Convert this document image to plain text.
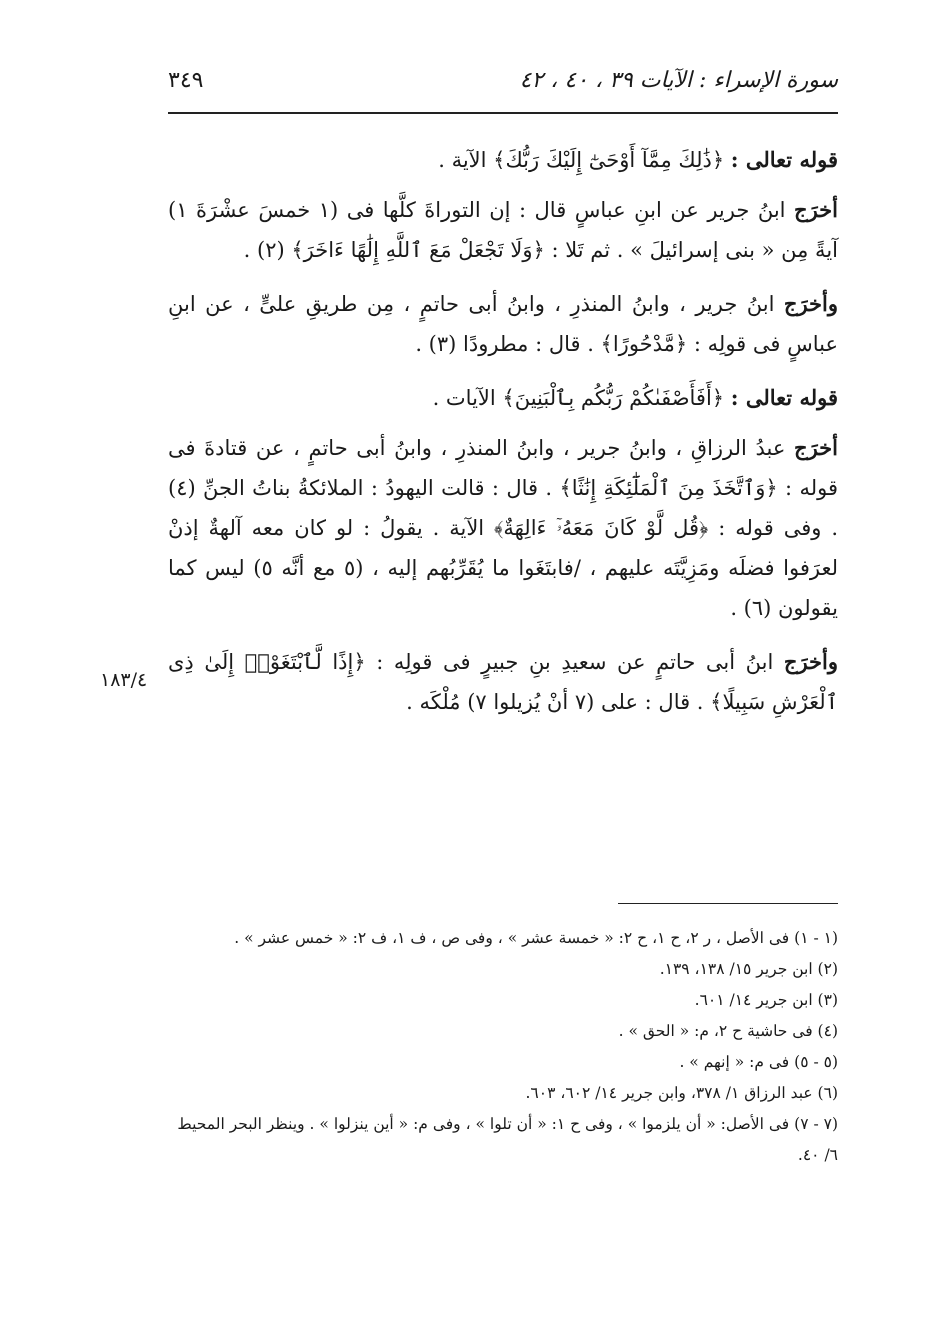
٣٤٩	سورة الإسراء : الآيات ٣٩ ، ٤٠ ، ٤٢

قوله تعالى : ﴿ذَٰلِكَ مِمَّآ أَوْحَىٰٓ إِلَيْكَ رَبُّكَ﴾ الآية .

أخرَج ابنُ جرير عن ابنِ عباسٍ قال : إن التوراةَ كلَّها فى (١ خمسَ عشْرَةَ ١) آيةً مِن « بنى إسرائيلَ » . ثم تَلا : ﴿وَلَا تَجْعَلْ مَعَ ٱللَّهِ إِلَٰهًا ءَاخَرَ﴾ (٢) .

وأخرَج ابنُ جرير ، وابنُ المنذرِ ، وابنُ أبى حاتمٍ ، مِن طريقِ علىٍّ ، عن ابنِ عباسٍ فى قولِه : ﴿مَّدْحُورًا﴾ . قال : مطرودًا (٣) .

قوله تعالى : ﴿أَفَأَصْفَىٰكُمْ رَبُّكُم بِٱلْبَنِينَ﴾ الآيات .

أخرَج عبدُ الرزاقِ ، وابنُ جرير ، وابنُ المنذرِ ، وابنُ أبى حاتمٍ ، عن قتادةَ فى قوله : ﴿وَٱتَّخَذَ مِنَ ٱلْمَلَٰٓئِكَةِ إِنَٰثًا﴾ . قال : قالت اليهودُ : الملائكةُ بناتُ الجنِّ (٤) . وفى قوله : ﴿قُل لَّوْ كَانَ مَعَهُۥٓ ءَالِهَةٌ﴾ الآية . يقولُ : لو كان معه آلهةٌ إذنْ لعرَفوا فضلَه ومَزِيَّتَه عليهم ، /فابتَغَوا ما يُقَرِّبُهم إليه ، (٥ مع أنَّه ٥) ليس كما يقولون (٦) .

وأخرَج ابنُ أبى حاتمٍ عن سعيدِ بنِ جبيرٍ فى قولِه : ﴿إِذًا لَّٱبْتَغَوْا۟ إِلَىٰ ذِى ٱلْعَرْشِ سَبِيلًا﴾ . قال : على (٧ أنْ يُزيلوا ٧) مُلْكَه .

١٨٣/٤

(١ - ١) فى الأصل ، ر ٢، ح ١، ح ٢: « خمسة عشر » ، وفى ص ، ف ١، ف ٢: « خمس عشر » .

(٢) ابن جرير ١٥/ ١٣٨، ١٣٩.

(٣) ابن جرير ١٤/ ٦٠١.

(٤) فى حاشية ح ٢، م: « الحق » .

(٥ - ٥) فى م: « إنهم » .

(٦) عبد الرزاق ١/ ٣٧٨، وابن جرير ١٤/ ٦٠٢، ٦٠٣.

(٧ - ٧) فى الأصل: « أن يلزموا » ، وفى ح ١: « أن تلوا » ، وفى م: « أين ينزلوا » . وينظر البحر المحيط ٦/ ٤٠.
